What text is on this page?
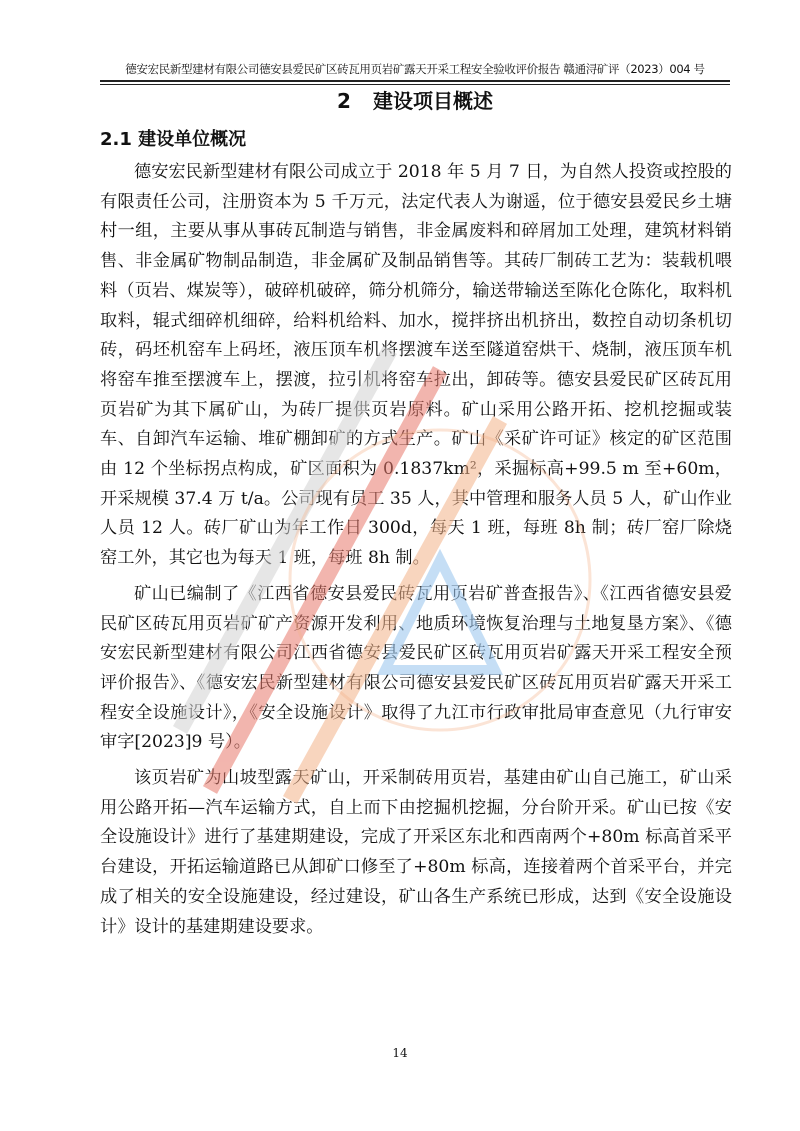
德安宏民新型建材有限公司德安县爱民矿区砖瓦用页岩矿露天开采工程安全验收评价报告 赣通浔矿评（2023）004 号
2 建设项目概述
2.1 建设单位概况

德安宏民新型建材有限公司成立于 2018 年 5 月 7 日，为自然人投资或控股的有限责任公司，注册资本为 5 千万元，法定代表人为谢遥，位于德安县爱民乡土塘村一组，主要从事从事砖瓦制造与销售，非金属废料和碎屑加工处理，建筑材料销售、非金属矿物制品制造，非金属矿及制品销售等。其砖厂制砖工艺为：装载机喂料（页岩、煤炭等），破碎机破碎，筛分机筛分，输送带输送至陈化仓陈化，取料机取料，辊式细碎机细碎，给料机给料、加水，搅拌挤出机挤出，数控自动切条机切砖，码坯机窑车上码坯，液压顶车机将摆渡车送至隧道窑烘干、烧制，液压顶车机将窑车推至摆渡车上，摆渡，拉引机将窑车拉出，卸砖等。德安县爱民矿区砖瓦用页岩矿为其下属矿山，为砖厂提供页岩原料。矿山采用公路开拓、挖机挖掘或装车、自卸汽车运输、堆矿棚卸矿的方式生产。矿山《采矿许可证》核定的矿区范围由 12 个坐标拐点构成，矿区面积为 0.1837km²，采掘标高+99.5 m 至+60m，开采规模 37.4 万 t/a。公司现有员工 35 人，其中管理和服务人员 5 人，矿山作业人员 12 人。砖厂矿山为年工作日 300d，每天 1 班，每班 8h 制；砖厂窑厂除烧窑工外，其它也为每天 1 班，每班 8h 制。

矿山已编制了《江西省德安县爱民砖瓦用页岩矿普查报告》、《江西省德安县爱民矿区砖瓦用页岩矿矿产资源开发利用、地质环境恢复治理与土地复垦方案》、《德安宏民新型建材有限公司江西省德安县爱民矿区砖瓦用页岩矿露天开采工程安全预评价报告》、《德安宏民新型建材有限公司德安县爱民矿区砖瓦用页岩矿露天开采工程安全设施设计》，《安全设施设计》取得了九江市行政审批局审查意见（九行审安审字[2023]9 号）。

该页岩矿为山坡型露天矿山，开采制砖用页岩，基建由矿山自己施工，矿山采用公路开拓—汽车运输方式，自上而下由挖掘机挖掘，分台阶开采。矿山已按《安全设施设计》进行了基建期建设，完成了开采区东北和西南两个+80m 标高首采平台建设，开拓运输道路已从卸矿口修至了+80m 标高，连接着两个首采平台，并完成了相关的安全设施建设，经过建设，矿山各生产系统已形成，达到《安全设施设计》设计的基建期建设要求。

14
